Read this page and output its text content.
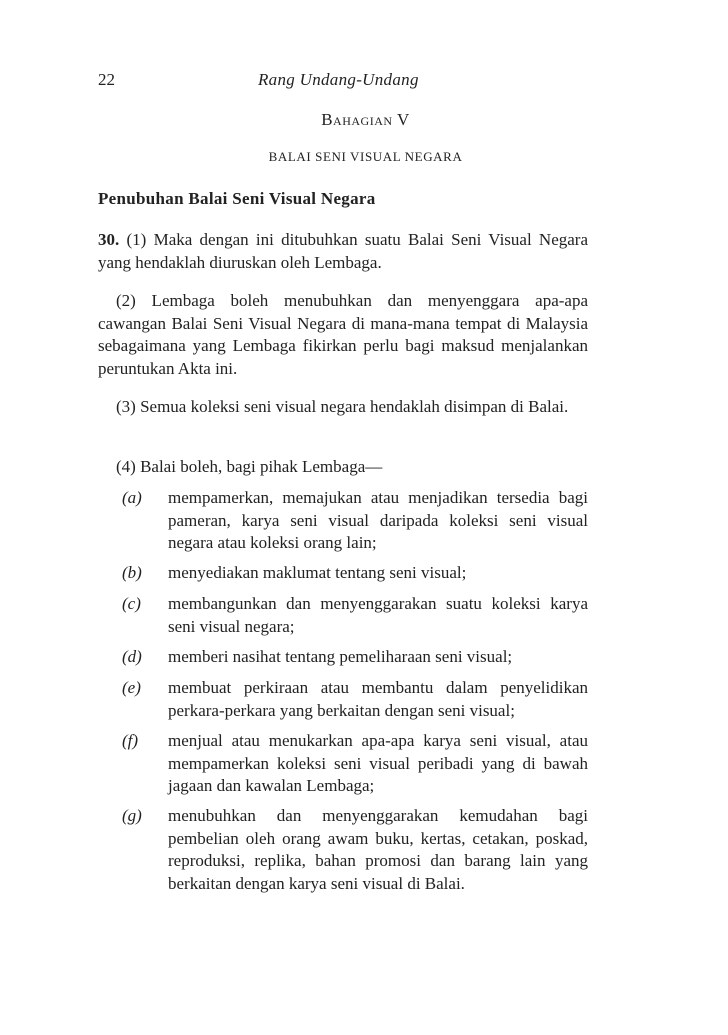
22	Rang Undang-Undang
Bahagian V
BALAI SENI VISUAL NEGARA
Penubuhan Balai Seni Visual Negara
30. (1) Maka dengan ini ditubuhkan suatu Balai Seni Visual Negara yang hendaklah diuruskan oleh Lembaga.
(2) Lembaga boleh menubuhkan dan menyenggara apa-apa cawangan Balai Seni Visual Negara di mana-mana tempat di Malaysia sebagaimana yang Lembaga fikirkan perlu bagi maksud menjalankan peruntukan Akta ini.
(3) Semua koleksi seni visual negara hendaklah disimpan di Balai.
(4) Balai boleh, bagi pihak Lembaga—
(a)	mempamerkan, memajukan atau menjadikan tersedia bagi pameran, karya seni visual daripada koleksi seni visual negara atau koleksi orang lain;
(b)	menyediakan maklumat tentang seni visual;
(c)	membangunkan dan menyenggarakan suatu koleksi karya seni visual negara;
(d)	memberi nasihat tentang pemeliharaan seni visual;
(e)	membuat perkiraan atau membantu dalam penyelidikan perkara-perkara yang berkaitan dengan seni visual;
(f)	menjual atau menukarkan apa-apa karya seni visual, atau mempamerkan koleksi seni visual peribadi yang di bawah jagaan dan kawalan Lembaga;
(g)	menubuhkan dan menyenggarakan kemudahan bagi pembelian oleh orang awam buku, kertas, cetakan, poskad, reproduksi, replika, bahan promosi dan barang lain yang berkaitan dengan karya seni visual di Balai.
